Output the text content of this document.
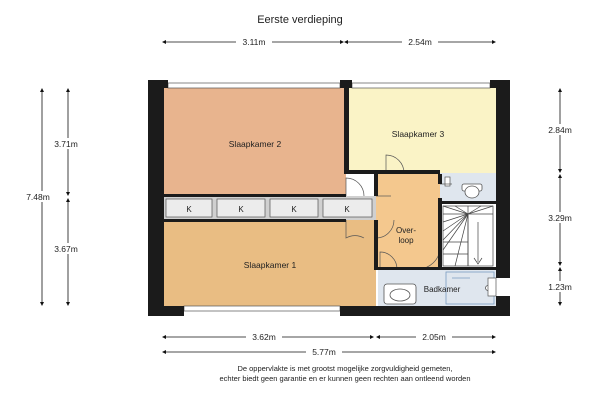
Eerste verdieping
K	K	K	K
Slaapkamer 2
Slaapkamer 3
Slaapkamer 1
Over-
loop
Badkamer
3.11m	2.54m
3.62m	2.05m
5.77m
7.48m
3.71m
3.67m
2.84m
3.29m
1.23m
De oppervlakte is met grootst mogelijke zorgvuldigheid gemeten,
echter biedt geen garantie en er kunnen geen rechten aan ontleend worden
